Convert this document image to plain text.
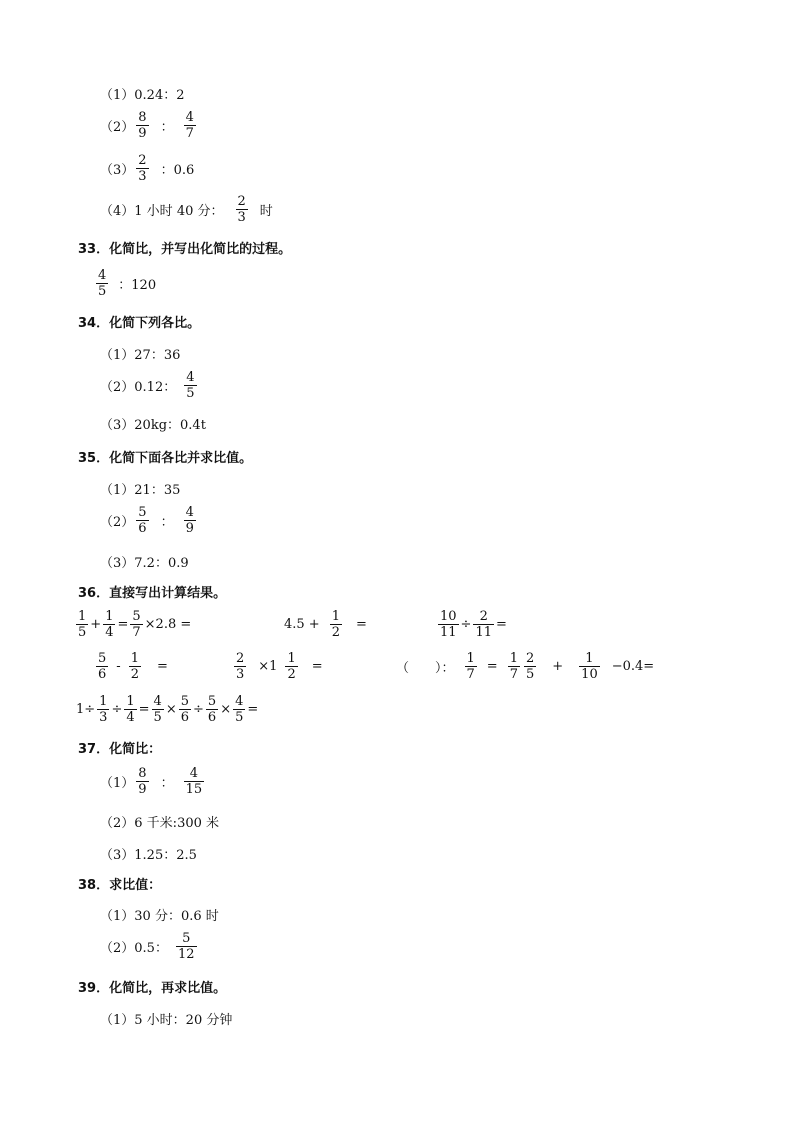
（1） 0.24：2
$(2) \frac{8}{9}$ ： $\frac{4}{7}$
$(3) \frac{2}{3}$ ：0.6
（4） 1 小时 40 分： $\frac{2}{3}$ 时
33．化简比，并写出化简比的过程。
$\frac{4}{5}$ ：120
34．化简下列各比。
（1） 27：36
（2） 0.12： $\frac{4}{5}$
（3） 20kg：0.4t
35．化简下面各比并求比值。
（1） 21：35
$(2) \frac{5}{6}$ ： $\frac{4}{9}$
（3） 7.2：0.9
36．直接写出计算结果。
$\frac{1}{5} + \frac{1}{4} = \frac{5}{7} \times 2.8$ =	$4.5 + \frac{1}{2}$ =	$\frac{10}{11} \div \frac{2}{11}$ =
$\frac{5}{6} - \frac{1}{2}$ =	$\frac{2}{3} \times 1 \frac{1}{2}$ =	（　　）： $\frac{1}{7} = \frac{1}{7} \frac{2}{5} + \frac{1}{10} -0.4=$
$1\div \frac{1}{3} \div \frac{1}{4} = \frac{4}{5} \times \frac{5}{6} \div \frac{5}{6} \times \frac{4}{5}$ =
37．化简比：
$(1) \frac{8}{9}$ ： $\frac{4}{15}$
（2） 6 千米:300 米
（3） 1.25：2.5
38．求比值：
（1） 30 分：0.6 时
（2） 0.5： $\frac{5}{12}$
39．化简比，再求比值。
（1） 5 小时：20 分钟
